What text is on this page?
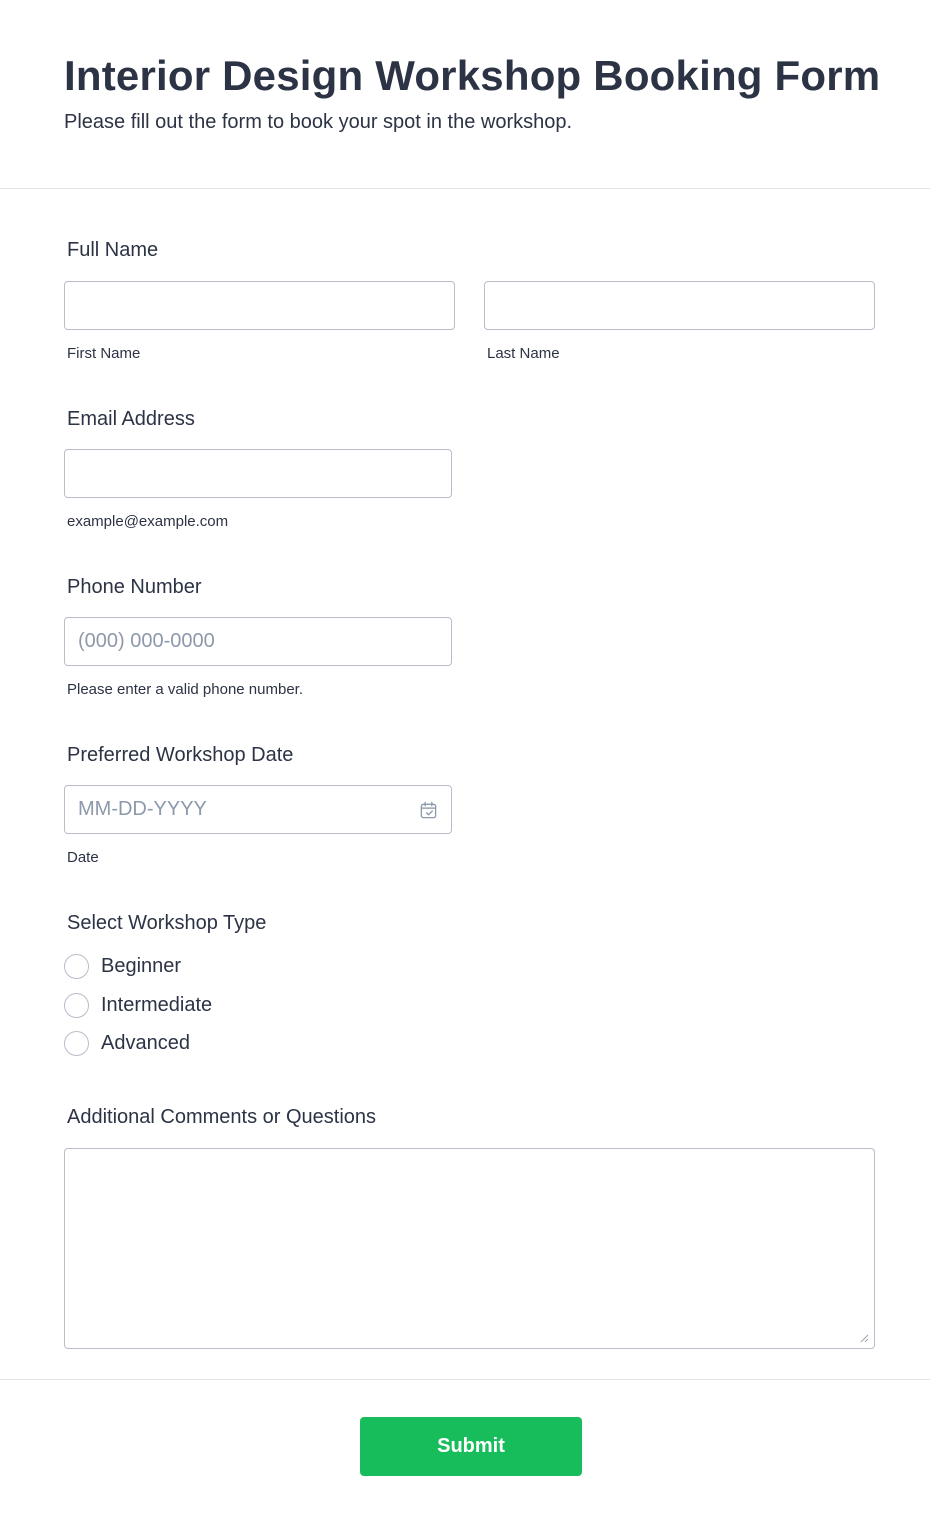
Interior Design Workshop Booking Form

Please fill out the form to book your spot in the workshop.

Full Name
First Name	Last Name
Email Address
example@example.com
Phone Number
(000) 000-0000
Please enter a valid phone number.
Preferred Workshop Date
MM-DD-YYYY
Date
Select Workshop Type
Beginner
Intermediate
Advanced
Additional Comments or Questions
Submit
